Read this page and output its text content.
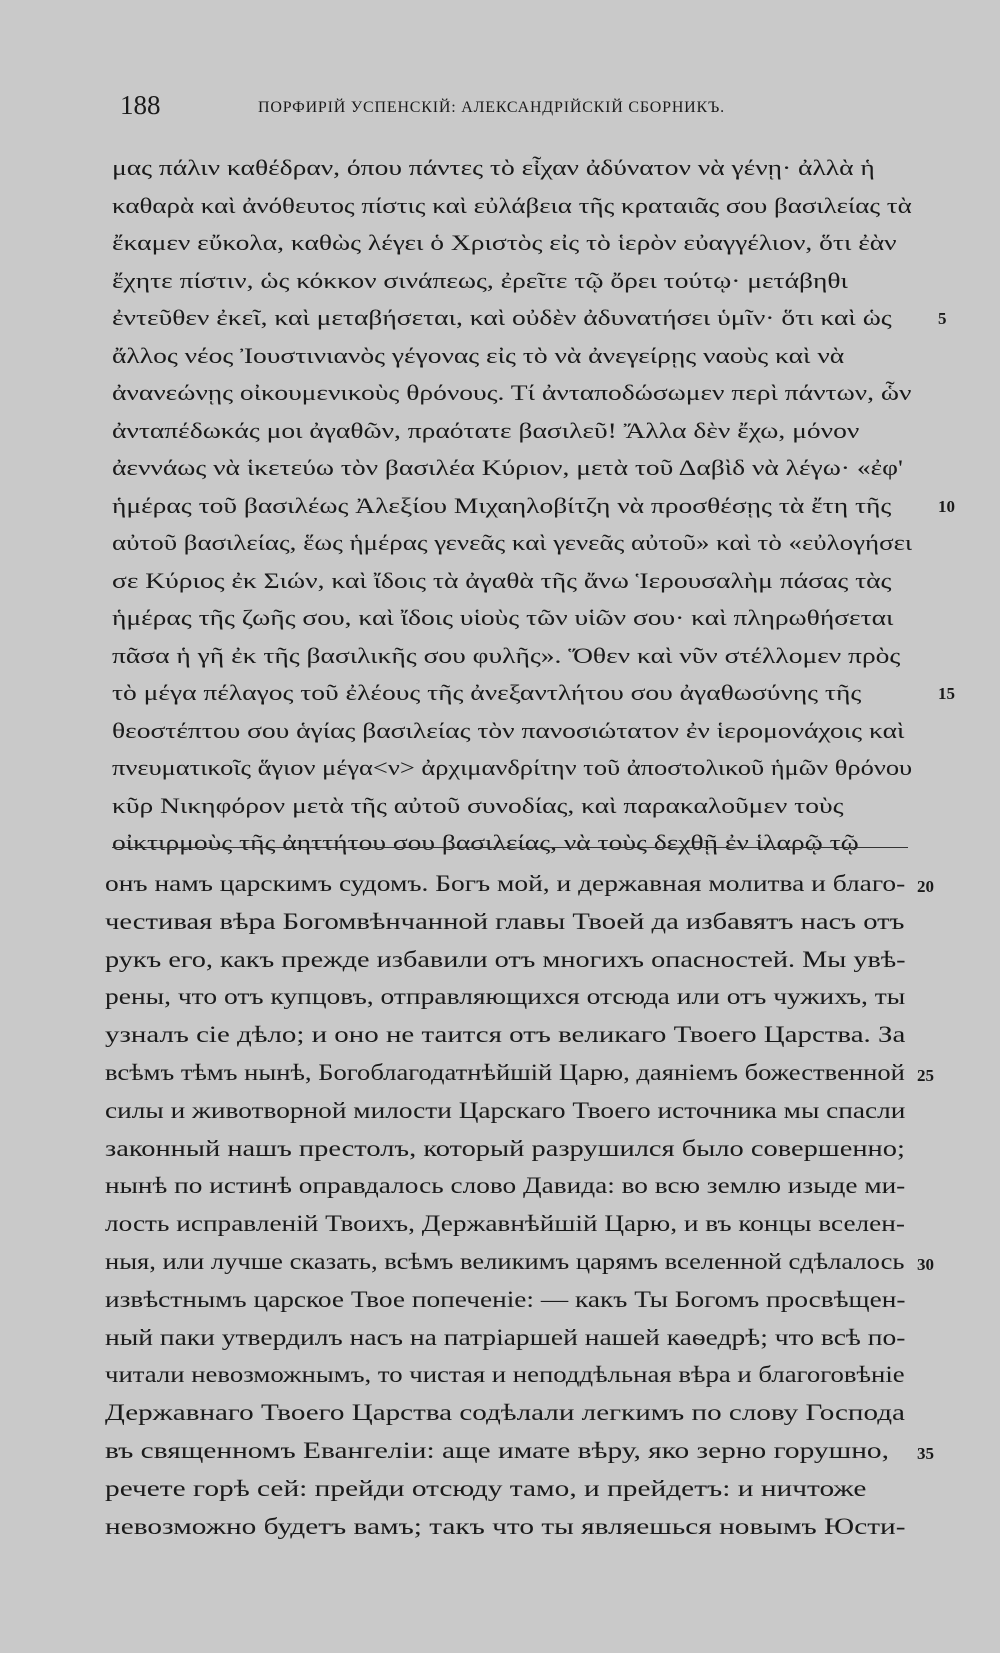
188	ПОРФИРІЙ УСПЕНСКІЙ: АЛЕКСАНДРІЙСКІЙ СБОРНИКЪ.
μας πάλιν καθέδραν, όπου πάντες τὸ εἶχαν ἀδύνατον νὰ γένῃ· ἀλλὰ ἡ
καθαρὰ καὶ ἀνόθευτος πίστις καὶ εὐλάβεια τῆς κραταιᾶς σου βασιλείας τὰ
ἔκαμεν εὔκολα, καθὼς λέγει ὁ Χριστὸς εἰς τὸ ἱερὸν εὐαγγέλιον, ὅτι ἐὰν
ἔχητε πίστιν, ὡς κόκκον σινάπεως, ἐρεῖτε τῷ ὄρει τούτῳ· μετάβηθι
ἐντεῦθεν ἐκεῖ, καὶ μεταβήσεται, καὶ οὐδὲν ἀδυνατήσει ὑμῖν· ὅτι καὶ ὡς
ἄλλος νέος Ἰουστινιανὸς γέγονας εἰς τὸ νὰ ἀνεγείρῃς ναοὺς καὶ νὰ
ἀνανεώνῃς οἰκουμενικοὺς θρόνους. Τί ἀνταποδώσωμεν περὶ πάντων, ὧν
ἀνταπέδωκάς μοι ἀγαθῶν, πραότατε βασιλεῦ! Ἄλλα δὲν ἔχω, μόνον
ἀεννάως νὰ ἱκετεύω τὸν βασιλέα Κύριον, μετὰ τοῦ Δαβὶδ νὰ λέγω· «ἐφ'
ἡμέρας τοῦ βασιλέως Ἀλεξίου Μιχαηλοβίτζη νὰ προσθέσῃς τὰ ἔτη τῆς
αὐτοῦ βασιλείας, ἕως ἡμέρας γενεᾶς καὶ γενεᾶς αὐτοῦ» καὶ τὸ «εὐλογήσει
σε Κύριος ἐκ Σιών, καὶ ἴδοις τὰ ἀγαθὰ τῆς ἄνω Ἱερουσαλὴμ πάσας τὰς
ἡμέρας τῆς ζωῆς σου, καὶ ἴδοις υἱοὺς τῶν υἱῶν σου· καὶ πληρωθήσεται
πᾶσα ἡ γῆ ἐκ τῆς βασιλικῆς σου φυλῆς». Ὅθεν καὶ νῦν στέλλομεν πρὸς
τὸ μέγα πέλαγος τοῦ ἐλέους τῆς ἀνεξαντλήτου σου ἀγαθωσύνης τῆς
θεοστέπτου σου ἁγίας βασιλείας τὸν πανοσιώτατον ἐν ἱερομονάχοις καὶ
πνευματικοῖς ἅγιον μέγα<ν> ἀρχιμανδρίτην τοῦ ἀποστολικοῦ ἡμῶν θρόνου
κῦρ Νικηφόρον μετὰ τῆς αὐτοῦ συνοδίας, καὶ παρακαλοῦμεν τοὺς
οἰκτιρμοὺς τῆς ἀηττήτου σου βασιλείας, νὰ τοὺς δεχθῇ ἐν ἱλαρῷ τῷ
5
10
15
онъ намъ царскимъ судомъ. Богъ мой, и державная молитва и благо-
честивая вѣра Богомвѣнчанной главы Твоей да избавятъ насъ отъ
рукъ его, какъ прежде избавили отъ многихъ опасностей. Мы увѣ-
рены, что отъ купцовъ, отправляющихся отсюда или отъ чужихъ, ты
узналъ сіе дѣло; и оно не таится отъ великаго Твоего Царства. За
всѣмъ тѣмъ нынѣ, Богоблагодатнѣйшій Царю, даяніемъ божественной
силы и животворной милости Царскаго Твоего источника мы спасли
законный нашъ престолъ, который разрушился было совершенно;
нынѣ по истинѣ оправдалось слово Давида: во всю землю изыде ми-
лость исправленій Твоихъ, Державнѣйшій Царю, и въ концы вселен-
ныя, или лучше сказать, всѣмъ великимъ царямъ вселенной сдѣлалось
извѣстнымъ царское Твое попеченіе: — какъ Ты Богомъ просвѣщен-
ный паки утвердилъ насъ на патріаршей нашей каѳедрѣ; что всѣ по-
читали невозможнымъ, то чистая и неподдѣльная вѣра и благоговѣніе
Державнаго Твоего Царства содѣлали легкимъ по слову Господа
въ священномъ Евангеліи: аще имате вѣру, яко зерно горушно,
речете горѣ сей: прейди отсюду тамо, и прейдетъ: и ничтоже
невозможно будетъ вамъ; такъ что ты являешься новымъ Юсти-
20
25
30
35
